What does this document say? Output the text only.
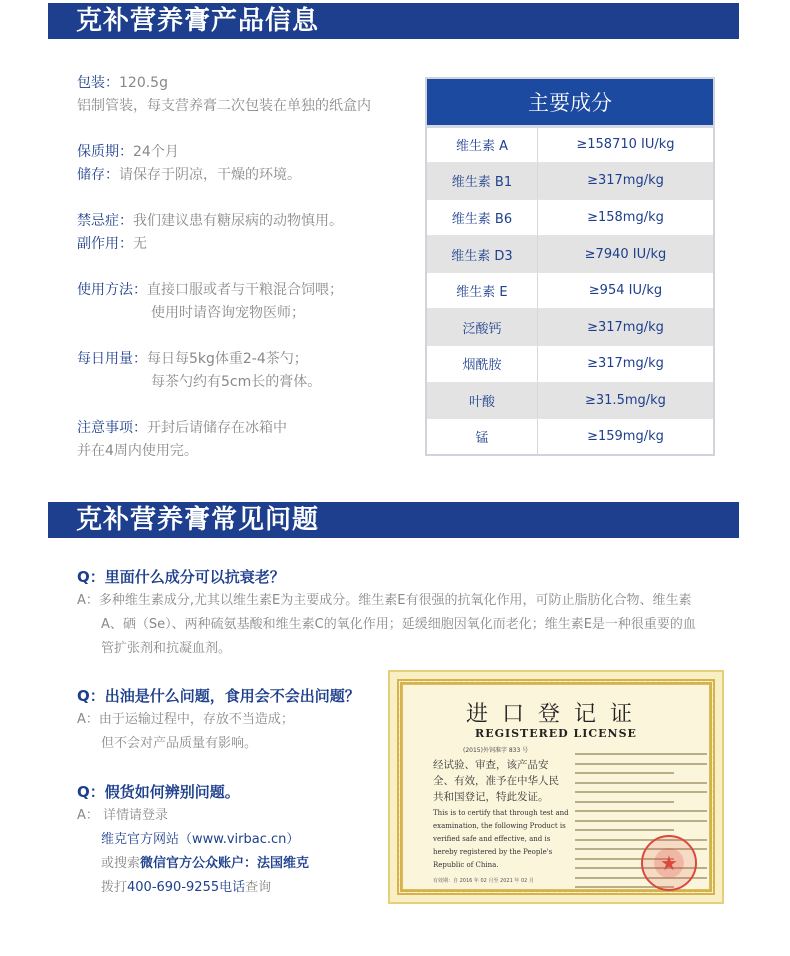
克补营养膏产品信息
包装：120.5g
铝制管装，每支营养膏二次包装在单独的纸盒内
保质期：24个月
储存：请保存于阴凉，干燥的环境。
禁忌症：我们建议患有糖尿病的动物慎用。
副作用：无
使用方法：直接口服或者与干粮混合饲喂；

使用时请咨询宠物医师；
每日用量：每日每5kg体重2-4茶勺；

每茶勺约有5cm长的膏体。
注意事项：开封后请储存在冰箱中
并在4周内使用完。
主要成分	
维生素 A	≥158710 IU/kg
维生素 B1	≥317mg/kg
维生素 B6	≥158mg/kg
维生素 D3	≥7940 IU/kg
维生素 E	≥954 IU/kg
泛酸钙	≥317mg/kg
烟酰胺	≥317mg/kg
叶酸	≥31.5mg/kg
锰	≥159mg/kg
克补营养膏常见问题
Q：里面什么成分可以抗衰老？
A：多种维生素成分,尤其以维生素E为主要成分。维生素E有很强的抗氧化作用，可防止脂肪化合物、维生素
A、硒（Se）、两种硫氨基酸和维生素C的氧化作用；延缓细胞因氧化而老化；维生素E是一种很重要的血
管扩张剂和抗凝血剂。
Q：出油是什么问题，食用会不会出问题？
A：由于运输过程中，存放不当造成；
但不会对产品质量有影响。
Q：假货如何辨别问题。
A： 详情请登录
维克官方网站（www.virbac.cn）
或搜索微信官方公众账户：法国维克
拨打400-690-9255电话查询
进口登记证
REGISTERED LICENSE
(2015)外饲准字 833 号
经试验、审查，该产品安全、有效，准予在中华人民共和国登记，特此发证。
This is to certify that through test and examination, the following Product is verified safe and effective, and is hereby registered by the People's Republic of China.
有效期：自 2016 年 02 月至 2021 年 02 月
★
